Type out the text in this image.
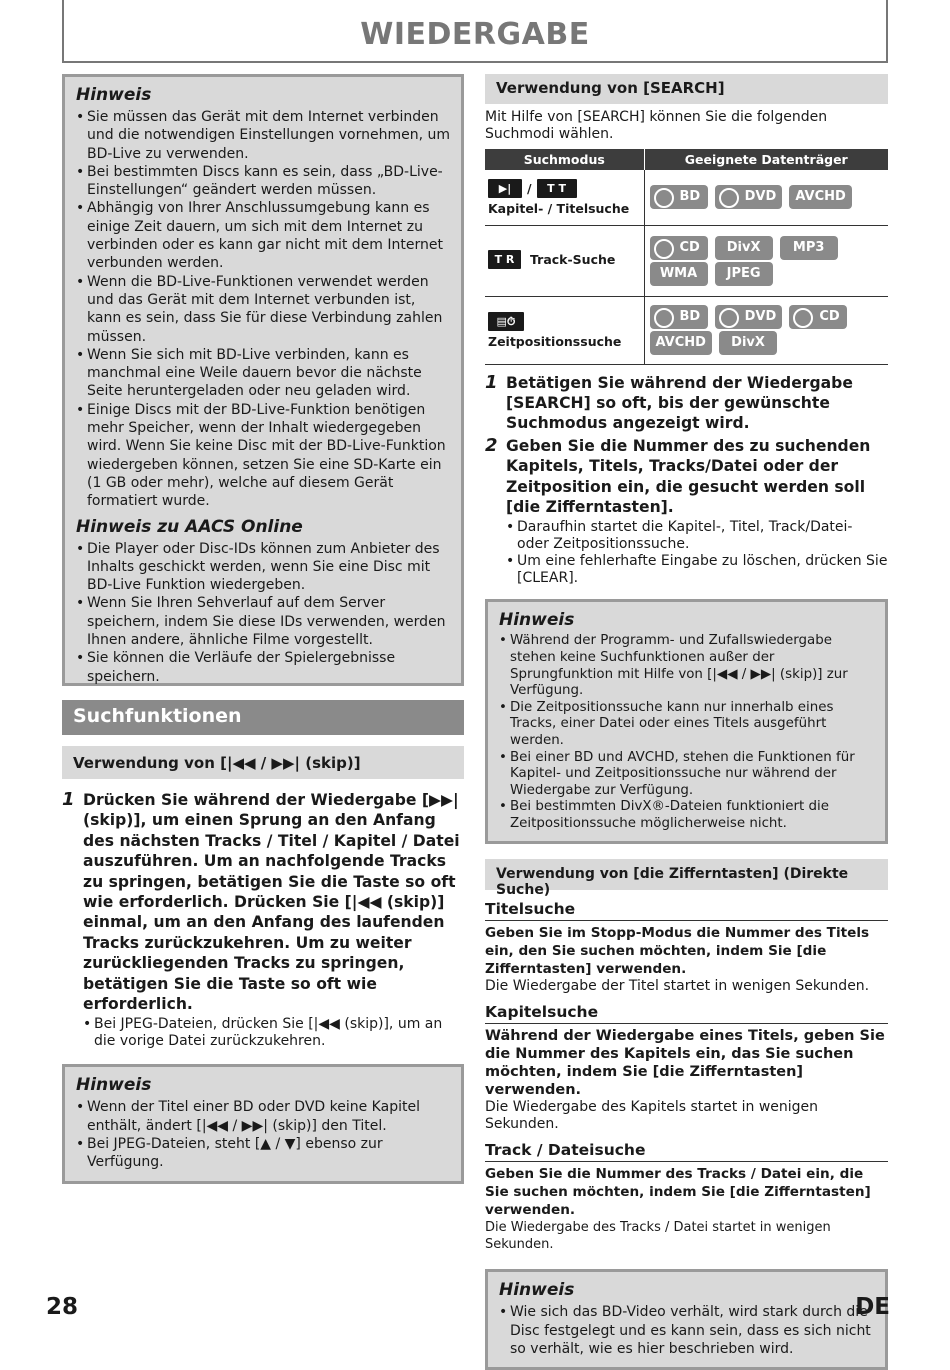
WIEDERGABE
Hinweis
• Sie müssen das Gerät mit dem Internet verbinden und die notwendigen Einstellungen vornehmen, um BD-Live zu verwenden.
• Bei bestimmten Discs kann es sein, dass „BD-Live-Einstellungen“ geändert werden müssen.
• Abhängig von Ihrer Anschlussumgebung kann es einige Zeit dauern, um sich mit dem Internet zu verbinden oder es kann gar nicht mit dem Internet verbunden werden.
• Wenn die BD-Live-Funktionen verwendet werden und das Gerät mit dem Internet verbunden ist, kann es sein, dass Sie für diese Verbindung zahlen müssen.
• Wenn Sie sich mit BD-Live verbinden, kann es manchmal eine Weile dauern bevor die nächste Seite heruntergeladen oder neu geladen wird.
• Einige Discs mit der BD-Live-Funktion benötigen mehr Speicher, wenn der Inhalt wiedergegeben wird. Wenn Sie keine Disc mit der BD-Live-Funktion wiedergeben können, setzen Sie eine SD-Karte ein (1 GB oder mehr), welche auf diesem Gerät formatiert wurde.
Hinweis zu AACS Online
• Die Player oder Disc-IDs können zum Anbieter des Inhalts geschickt werden, wenn Sie eine Disc mit BD-Live Funktion wiedergeben.
• Wenn Sie Ihren Sehverlauf auf dem Server speichern, indem Sie diese IDs verwenden, werden Ihnen andere, ähnliche Filme vorgestellt.
• Sie können die Verläufe der Spielergebnisse speichern.
Suchfunktionen
Verwendung von [|◀◀ / ▶▶| (skip)]
1 Drücken Sie während der Wiedergabe [▶▶| (skip)], um einen Sprung an den Anfang des nächsten Tracks / Titel / Kapitel / Datei auszuführen. Um an nachfolgende Tracks zu springen, betätigen Sie die Taste so oft wie erforderlich. Drücken Sie [|◀◀ (skip)] einmal, um an den Anfang des laufenden Tracks zurückzukehren. Um zu weiter zurückliegenden Tracks zu springen, betätigen Sie die Taste so oft wie erforderlich.
• Bei JPEG-Dateien, drücken Sie [|◀◀ (skip)], um an die vorige Datei zurückzukehren.
Hinweis
• Wenn der Titel einer BD oder DVD keine Kapitel enthält, ändert [|◀◀ / ▶▶| (skip)] den Titel.
• Bei JPEG-Dateien, steht [▲ / ▼] ebenso zur Verfügung.
Verwendung von [SEARCH]

Mit Hilfe von [SEARCH] können Sie die folgenden Suchmodi wählen.

Suchmodus	Geeignete Datenträger

▶| / T T
Kapitel- / Titelsuche	BD DVD AVCHD

T R Track-Suche	CD DivX MP3 WMA JPEG

▤⏱
Zeitpositionssuche	BD DVD CD AVCHD DivX
1 Betätigen Sie während der Wiedergabe [SEARCH] so oft, bis der gewünschte Suchmodus angezeigt wird.
2 Geben Sie die Nummer des zu suchenden Kapitels, Titels, Tracks/Datei oder der Zeitposition ein, die gesucht werden soll [die Zifferntasten].
• Daraufhin startet die Kapitel-, Titel, Track/Datei- oder Zeitpositionssuche.
• Um eine fehlerhafte Eingabe zu löschen, drücken Sie [CLEAR].
Hinweis
• Während der Programm- und Zufallswiedergabe stehen keine Suchfunktionen außer der Sprungfunktion mit Hilfe von [|◀◀ / ▶▶| (skip)] zur Verfügung.
• Die Zeitpositionssuche kann nur innerhalb eines Tracks, einer Datei oder eines Titels ausgeführt werden.
• Bei einer BD und AVCHD, stehen die Funktionen für Kapitel- und Zeitpositionssuche nur während der Wiedergabe zur Verfügung.
• Bei bestimmten DivX®-Dateien funktioniert die Zeitpositionssuche möglicherweise nicht.
Verwendung von [die Zifferntasten] (Direkte Suche)
Titelsuche
Geben Sie im Stopp-Modus die Nummer des Titels ein, den Sie suchen möchten, indem Sie [die Zifferntasten] verwenden.

Die Wiedergabe der Titel startet in wenigen Sekunden.

Kapitelsuche
Während der Wiedergabe eines Titels, geben Sie die Nummer des Kapitels ein, das Sie suchen möchten, indem Sie [die Zifferntasten] verwenden.

Die Wiedergabe des Kapitels startet in wenigen Sekunden.

Track / Dateisuche
Geben Sie die Nummer des Tracks / Datei ein, die Sie suchen möchten, indem Sie [die Zifferntasten] verwenden.

Die Wiedergabe des Tracks / Datei startet in wenigen Sekunden.

Hinweis
• Wie sich das BD-Video verhält, wird stark durch die Disc festgelegt und es kann sein, dass es sich nicht so verhält, wie es hier beschrieben wird.
28	DE
